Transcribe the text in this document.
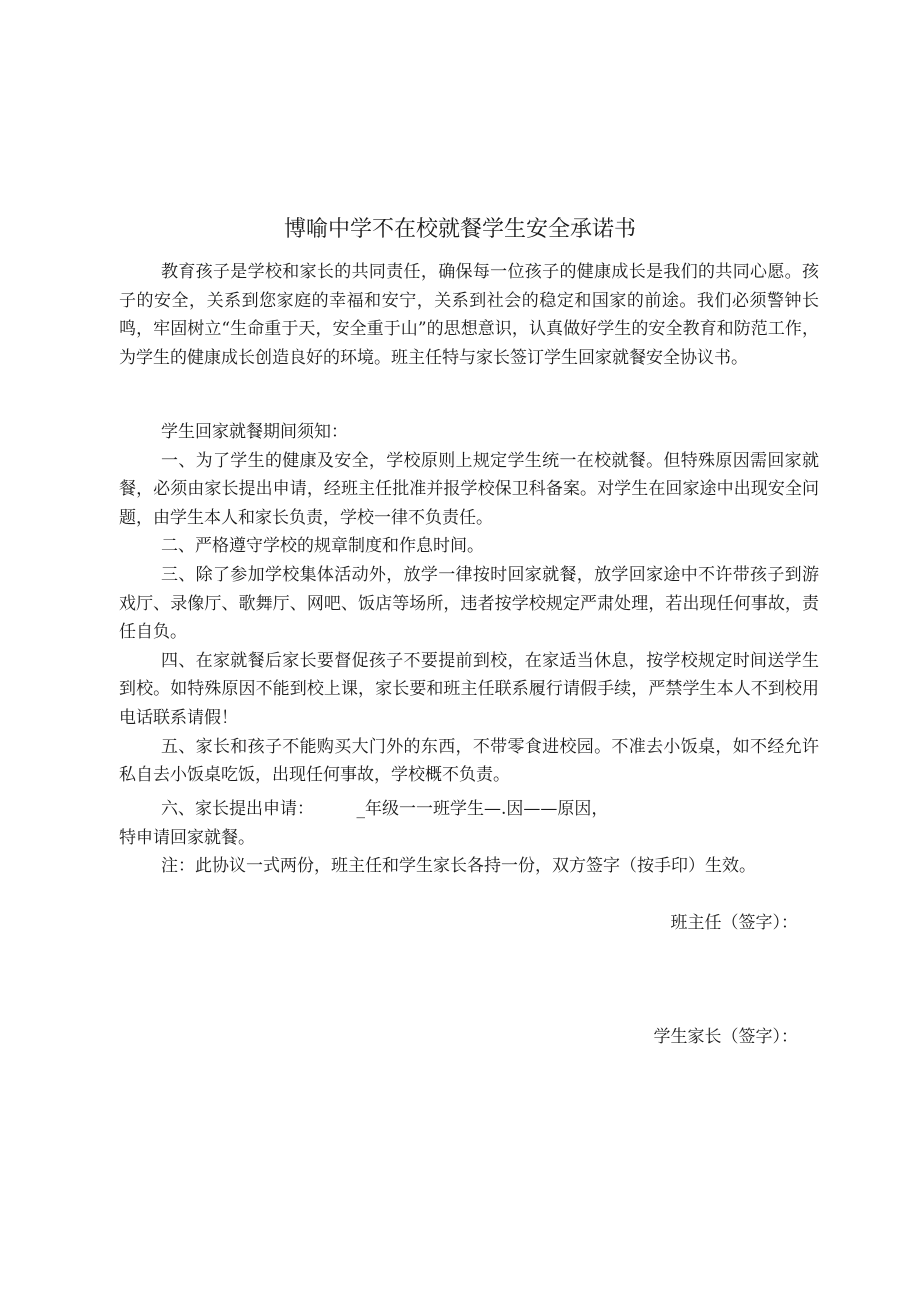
博喻中学不在校就餐学生安全承诺书

教育孩子是学校和家长的共同责任，确保每一位孩子的健康成长是我们的共同心愿。孩子的安全，关系到您家庭的幸福和安宁，关系到社会的稳定和国家的前途。我们必须警钟长鸣，牢固树立“生命重于天，安全重于山”的思想意识，认真做好学生的安全教育和防范工作，为学生的健康成长创造良好的环境。班主任特与家长签订学生回家就餐安全协议书。

学生回家就餐期间须知：

一、为了学生的健康及安全，学校原则上规定学生统一在校就餐。但特殊原因需回家就餐，必须由家长提出申请，经班主任批准并报学校保卫科备案。对学生在回家途中出现安全问题，由学生本人和家长负责，学校一律不负责任。

二、严格遵守学校的规章制度和作息时间。

三、除了参加学校集体活动外，放学一律按时回家就餐，放学回家途中不许带孩子到游戏厅、录像厅、歌舞厅、网吧、饭店等场所，违者按学校规定严肃处理，若出现任何事故，责任自负。

四、在家就餐后家长要督促孩子不要提前到校，在家适当休息，按学校规定时间送学生到校。如特殊原因不能到校上课，家长要和班主任联系履行请假手续，严禁学生本人不到校用电话联系请假！

五、家长和孩子不能购买大门外的东西，不带零食进校园。不准去小饭桌，如不经允许私自去小饭桌吃饭，出现任何事故，学校概不负责。

六、家长提出申请：　　　_年级一一班学生—.因——原因，

特申请回家就餐。

注：此协议一式两份，班主任和学生家长各持一份，双方签字（按手印）生效。

班主任（签字）：

学生家长（签字）：
